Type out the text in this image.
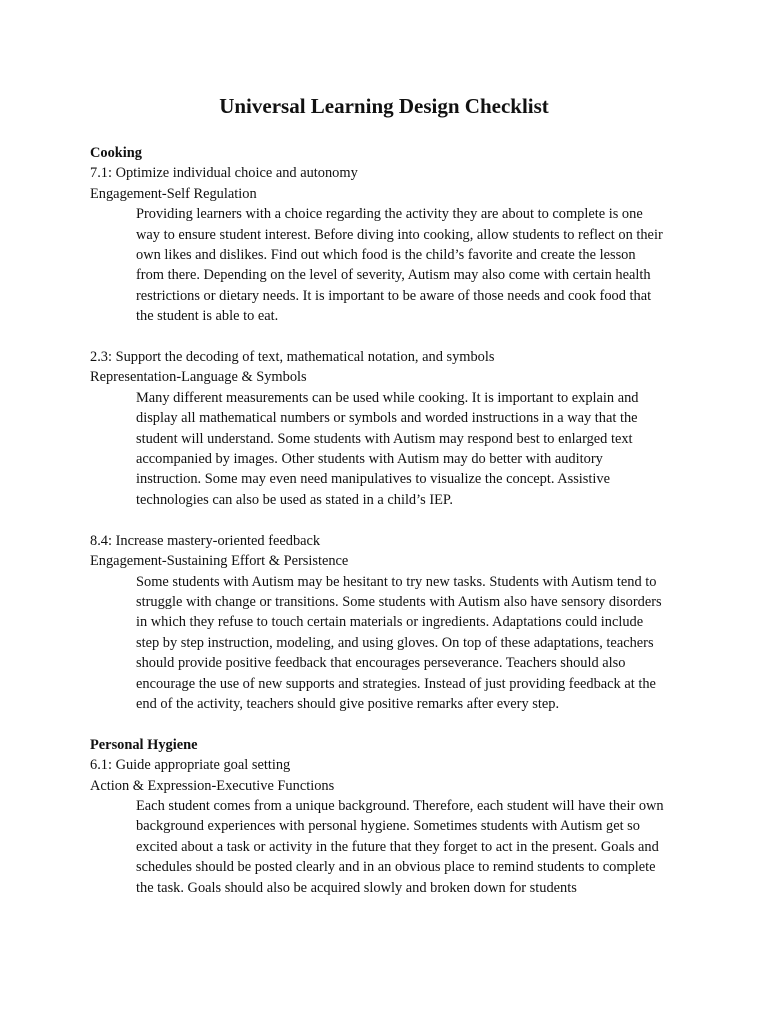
Universal Learning Design Checklist

Cooking

7.1: Optimize individual choice and autonomy

Engagement-Self Regulation

Providing learners with a choice regarding the activity they are about to complete is one way to ensure student interest. Before diving into cooking, allow students to reflect on their own likes and dislikes. Find out which food is the child’s favorite and create the lesson from there. Depending on the level of severity, Autism may also come with certain health restrictions or dietary needs. It is important to be aware of those needs and cook food that the student is able to eat.

2.3: Support the decoding of text, mathematical notation, and symbols

Representation-Language & Symbols

Many different measurements can be used while cooking. It is important to explain and display all mathematical numbers or symbols and worded instructions in a way that the student will understand. Some students with Autism may respond best to enlarged text accompanied by images. Other students with Autism may do better with auditory instruction. Some may even need manipulatives to visualize the concept. Assistive technologies can also be used as stated in a child’s IEP.

8.4: Increase mastery-oriented feedback

Engagement-Sustaining Effort & Persistence

Some students with Autism may be hesitant to try new tasks. Students with Autism tend to struggle with change or transitions. Some students with Autism also have sensory disorders in which they refuse to touch certain materials or ingredients. Adaptations could include step by step instruction, modeling, and using gloves. On top of these adaptations, teachers should provide positive feedback that encourages perseverance. Teachers should also encourage the use of new supports and strategies. Instead of just providing feedback at the end of the activity, teachers should give positive remarks after every step.

Personal Hygiene

6.1: Guide appropriate goal setting

Action & Expression-Executive Functions

Each student comes from a unique background. Therefore, each student will have their own background experiences with personal hygiene. Sometimes students with Autism get so excited about a task or activity in the future that they forget to act in the present. Goals and schedules should be posted clearly and in an obvious place to remind students to complete the task. Goals should also be acquired slowly and broken down for students
